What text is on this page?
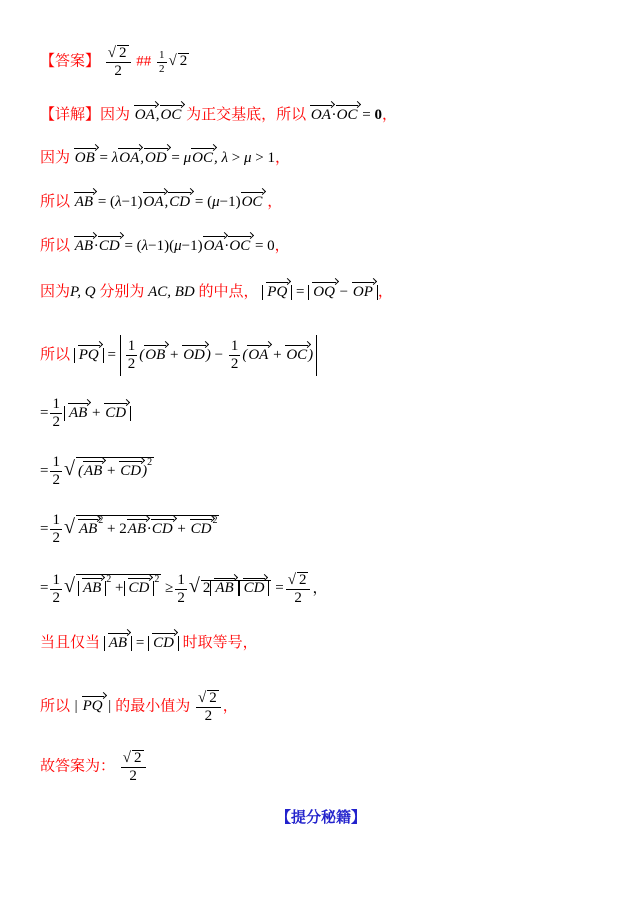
【答案】 $\frac{√ 2}{2}$ ## $\frac{1}{2}$ √ 2
【详解】因为 OA,OC 为正交基底，所以 OA·OC = 0，
因为 OB = λOA,OD = μOC, λ > μ > 1，
所以 AB = (λ−1)OA,CD = (μ−1)OC ，
所以 AB·CD = (λ−1)(μ−1)OA·OC = 0，
因为P, Q 分别为 AC, BD 的中点， PQ = OQ − OP ，
所以 PQ = $\frac{1}{2} (OB + OD) - \frac{1}{2} (OA + OC)$
= $\frac{1}{2}$ AB + CD
= $\frac{1}{2}$ √ (AB + CD)$^2$
= $\frac{1}{2}$ √ $AB^2 + 2AB\cdot CD + CD^2$
= $\frac{1}{2}$ √ $AB^2 + CD^2 \ge \frac{1}{2}$ √ 2 AB CD = $\frac{√ 2}{2}$ ，
当且仅当 AB = CD 时取等号，
所以 | PQ | 的最小值为 $\frac{√ 2}{2}$ ，
故答案为： $\frac{√ 2}{2}$
【提分秘籍】
